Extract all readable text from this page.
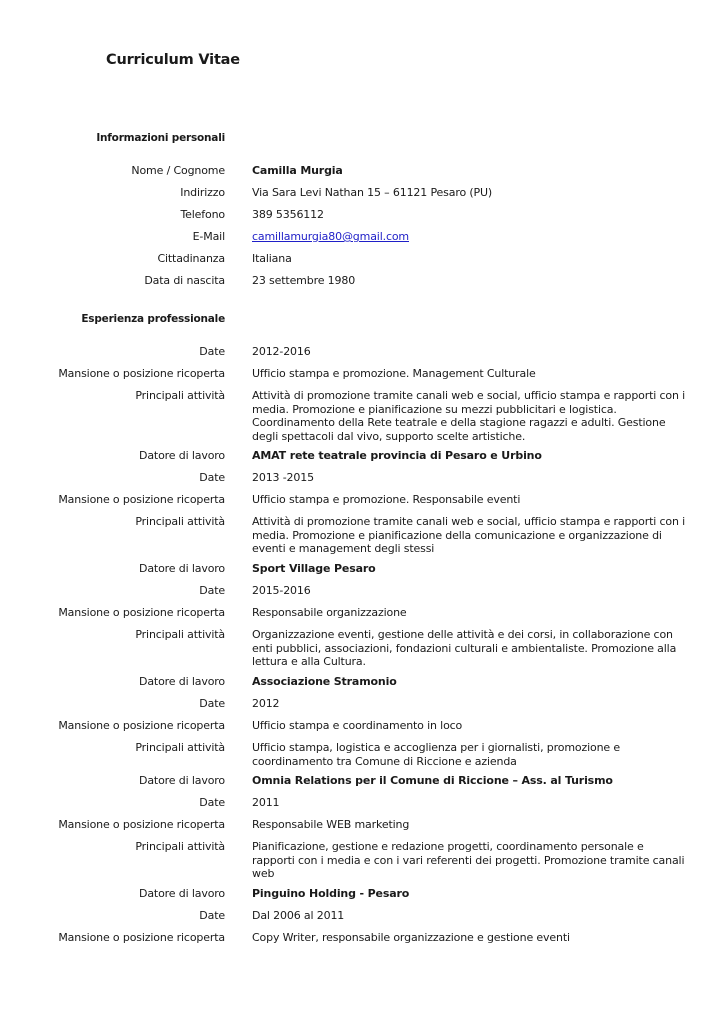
Curriculum Vitae
Informazioni personali
Nome / Cognome Camilla Murgia
Indirizzo Via Sara Levi Nathan 15 – 61121 Pesaro (PU)
Telefono 389 5356112
E-Mail camillamurgia80@gmail.com
Cittadinanza Italiana
Data di nascita 23 settembre 1980
Esperienza professionale
Date 2012-2016
Mansione o posizione ricoperta Ufficio stampa e promozione. Management Culturale
Principali attività Attività di promozione tramite canali web e social, ufficio stampa e rapporti con i media. Promozione e pianificazione su mezzi pubblicitari e logistica. Coordinamento della Rete teatrale e della stagione ragazzi e adulti. Gestione degli spettacoli dal vivo, supporto scelte artistiche.
Datore di lavoro AMAT rete teatrale provincia di Pesaro e Urbino
Date 2013 -2015
Mansione o posizione ricoperta Ufficio stampa e promozione. Responsabile eventi
Principali attività Attività di promozione tramite canali web e social, ufficio stampa e rapporti con i media. Promozione e pianificazione della comunicazione e organizzazione di eventi e management degli stessi
Datore di lavoro Sport Village Pesaro
Date 2015-2016
Mansione o posizione ricoperta Responsabile organizzazione
Principali attività Organizzazione eventi, gestione delle attività e dei corsi, in collaborazione con enti pubblici, associazioni, fondazioni culturali e ambientaliste. Promozione alla lettura e alla Cultura.
Datore di lavoro Associazione Stramonio
Date 2012
Mansione o posizione ricoperta Ufficio stampa e coordinamento in loco
Principali attività Ufficio stampa, logistica e accoglienza per i giornalisti, promozione e coordinamento tra Comune di Riccione e azienda
Datore di lavoro Omnia Relations per il Comune di Riccione – Ass. al Turismo
Date 2011
Mansione o posizione ricoperta Responsabile WEB marketing
Principali attività Pianificazione, gestione e redazione progetti, coordinamento personale e rapporti con i media e con i vari referenti dei progetti. Promozione tramite canali web
Datore di lavoro Pinguino Holding - Pesaro
Date Dal 2006 al 2011
Mansione o posizione ricoperta Copy Writer, responsabile organizzazione e gestione eventi
